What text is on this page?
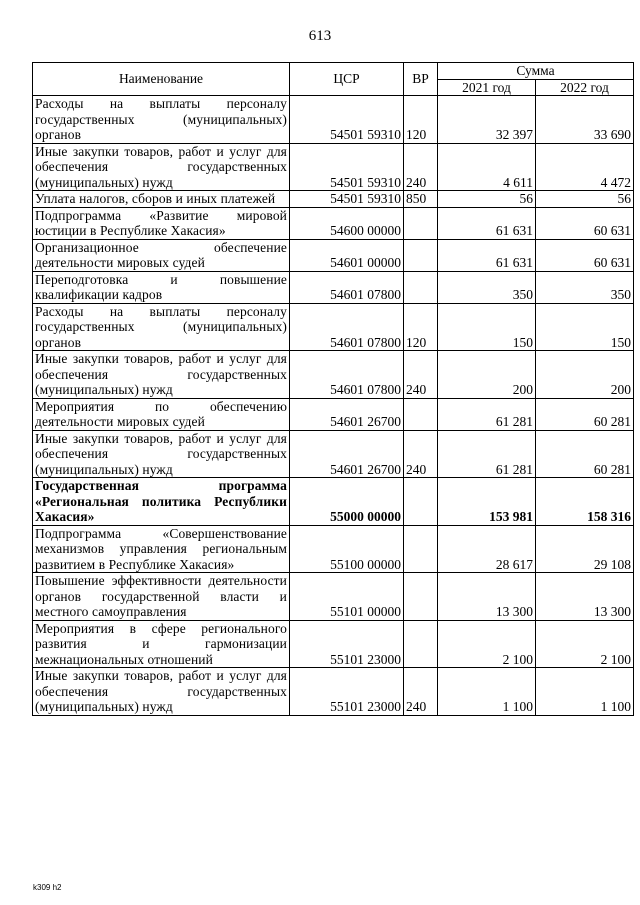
613
Наименование	ЦСР	ВР	Сумма	
			2021 год	2022 год
Расходы на выплаты персоналу государственных (муниципальных) органов	54501 59310	120	32 397	33 690
Иные закупки товаров, работ и услуг для обеспечения государственных (муниципальных) нужд	54501 59310	240	4 611	4 472
Уплата налогов, сборов и иных платежей	54501 59310	850	56	56
Подпрограмма «Развитие мировой юстиции в Республике Хакасия»	54600 00000		61 631	60 631
Организационное обеспечение деятельности мировых судей	54601 00000		61 631	60 631
Переподготовка и повышение квалификации кадров	54601 07800		350	350
Расходы на выплаты персоналу государственных (муниципальных) органов	54601 07800	120	150	150
Иные закупки товаров, работ и услуг для обеспечения государственных (муниципальных) нужд	54601 07800	240	200	200
Мероприятия по обеспечению деятельности мировых судей	54601 26700		61 281	60 281
Иные закупки товаров, работ и услуг для обеспечения государственных (муниципальных) нужд	54601 26700	240	61 281	60 281
Государственная программа «Региональная политика Республики Хакасия»	55000 00000		153 981	158 316
Подпрограмма «Совершенствование механизмов управления региональным развитием в Республике Хакасия»	55100 00000		28 617	29 108
Повышение эффективности деятельности органов государственной власти и местного самоуправления	55101 00000		13 300	13 300
Мероприятия в сфере регионального развития и гармонизации межнациональных отношений	55101 23000		2 100	2 100
Иные закупки товаров, работ и услуг для обеспечения государственных (муниципальных) нужд	55101 23000	240	1 100	1 100
k309 h2
